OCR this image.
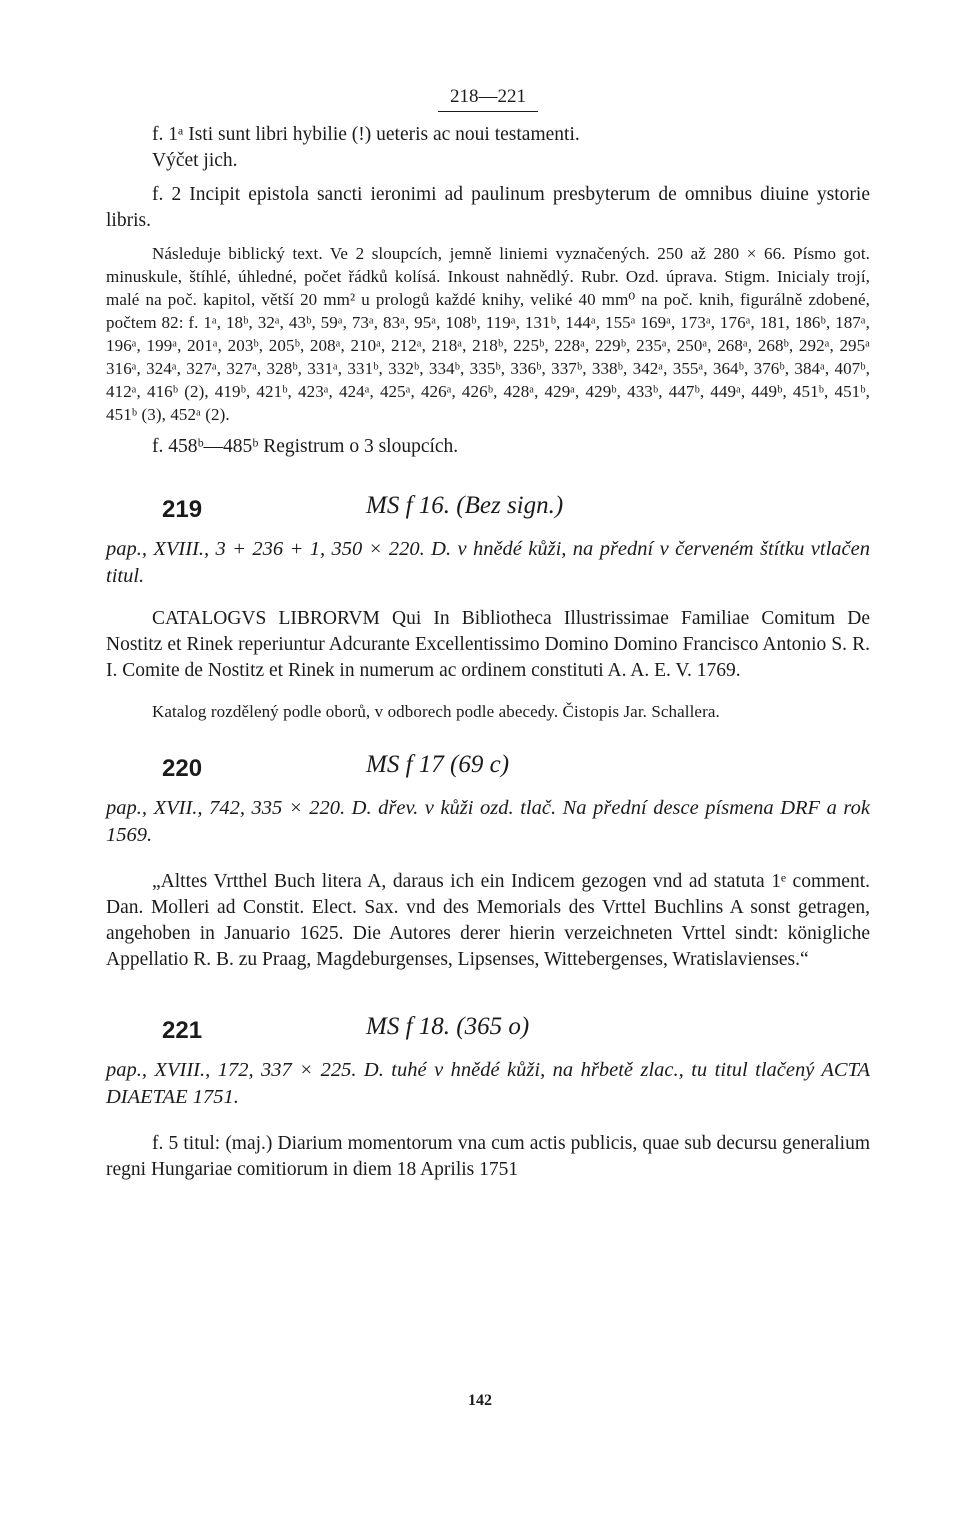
218—221

f. 1ᵃ Isti sunt libri hybilie (!) ueteris ac noui testamenti.

Výčet jich.

f. 2 Incipit epistola sancti ieronimi ad paulinum presbyterum de omnibus diuine ystorie libris.

Následuje biblický text. Ve 2 sloupcích, jemně liniemi vyznačených. 250 až 280 × 66. Písmo got. minuskule, štíhlé, úhledné, počet řádků kolísá. Inkoust nahnědlý. Rubr. Ozd. úprava. Stigm. Inicialy trojí, malé na poč. kapitol, větší 20 mm² u prologů každé knihy, veliké 40 mm⁰ na poč. knih, figurálně zdobené, počtem 82: f. 1ᵃ, 18ᵇ, 32ᵃ, 43ᵇ, 59ᵃ, 73ᵃ, 83ᵃ, 95ᵃ, 108ᵇ, 119ᵃ, 131ᵇ, 144ᵃ, 155ᵃ 169ᵃ, 173ᵃ, 176ᵃ, 181, 186ᵇ, 187ᵃ, 196ᵃ, 199ᵃ, 201ᵃ, 203ᵇ, 205ᵇ, 208ᵃ, 210ᵃ, 212ᵃ, 218ᵃ, 218ᵇ, 225ᵇ, 228ᵃ, 229ᵇ, 235ᵃ, 250ᵃ, 268ᵃ, 268ᵇ, 292ᵃ, 295ᵃ 316ᵃ, 324ᵃ, 327ᵃ, 327ᵃ, 328ᵇ, 331ᵃ, 331ᵇ, 332ᵇ, 334ᵇ, 335ᵇ, 336ᵇ, 337ᵇ, 338ᵇ, 342ᵃ, 355ᵃ, 364ᵇ, 376ᵇ, 384ᵃ, 407ᵇ, 412ᵃ, 416ᵇ (2), 419ᵇ, 421ᵇ, 423ᵃ, 424ᵃ, 425ᵃ, 426ᵃ, 426ᵇ, 428ᵃ, 429ᵃ, 429ᵇ, 433ᵇ, 447ᵇ, 449ᵃ, 449ᵇ, 451ᵇ, 451ᵇ, 451ᵇ (3), 452ᵃ (2).

f. 458ᵇ—485ᵇ Registrum o 3 sloupcích.

219	MS f 16. (Bez sign.)

pap., XVIII., 3 + 236 + 1, 350 × 220. D. v hnědé kůži, na přední v červeném štítku vtlačen titul.

CATALOGVS LIBRORVM Qui In Bibliotheca Illustrissimae Familiae Comitum De Nostitz et Rinek reperiuntur Adcurante Excellentissimo Domino Domino Francisco Antonio S. R. I. Comite de Nostitz et Rinek in numerum ac ordinem constituti A. A. E. V. 1769.

Katalog rozdělený podle oborů, v odborech podle abecedy. Čistopis Jar. Schallera.

220	MS f 17 (69 c)

pap., XVII., 742, 335 × 220. D. dřev. v kůži ozd. tlač. Na přední desce písmena DRF a rok 1569.

„Alttes Vrtthel Buch litera A, daraus ich ein Indicem gezogen vnd ad statuta 1ᵉ comment. Dan. Molleri ad Constit. Elect. Sax. vnd des Memorials des Vrttel Buchlins A sonst getragen, angehoben in Januario 1625. Die Autores derer hierin verzeichneten Vrttel sindt: königliche Appellatio R. B. zu Praag, Magdeburgenses, Lipsenses, Wittebergenses, Wratislavienses.“

221	MS f 18. (365 o)

pap., XVIII., 172, 337 × 225. D. tuhé v hnědé kůži, na hřbetě zlac., tu titul tlačený ACTA DIAETAE 1751.

f. 5 titul: (maj.) Diarium momentorum vna cum actis publicis, quae sub decursu generalium regni Hungariae comitiorum in diem 18 Aprilis 1751

142
